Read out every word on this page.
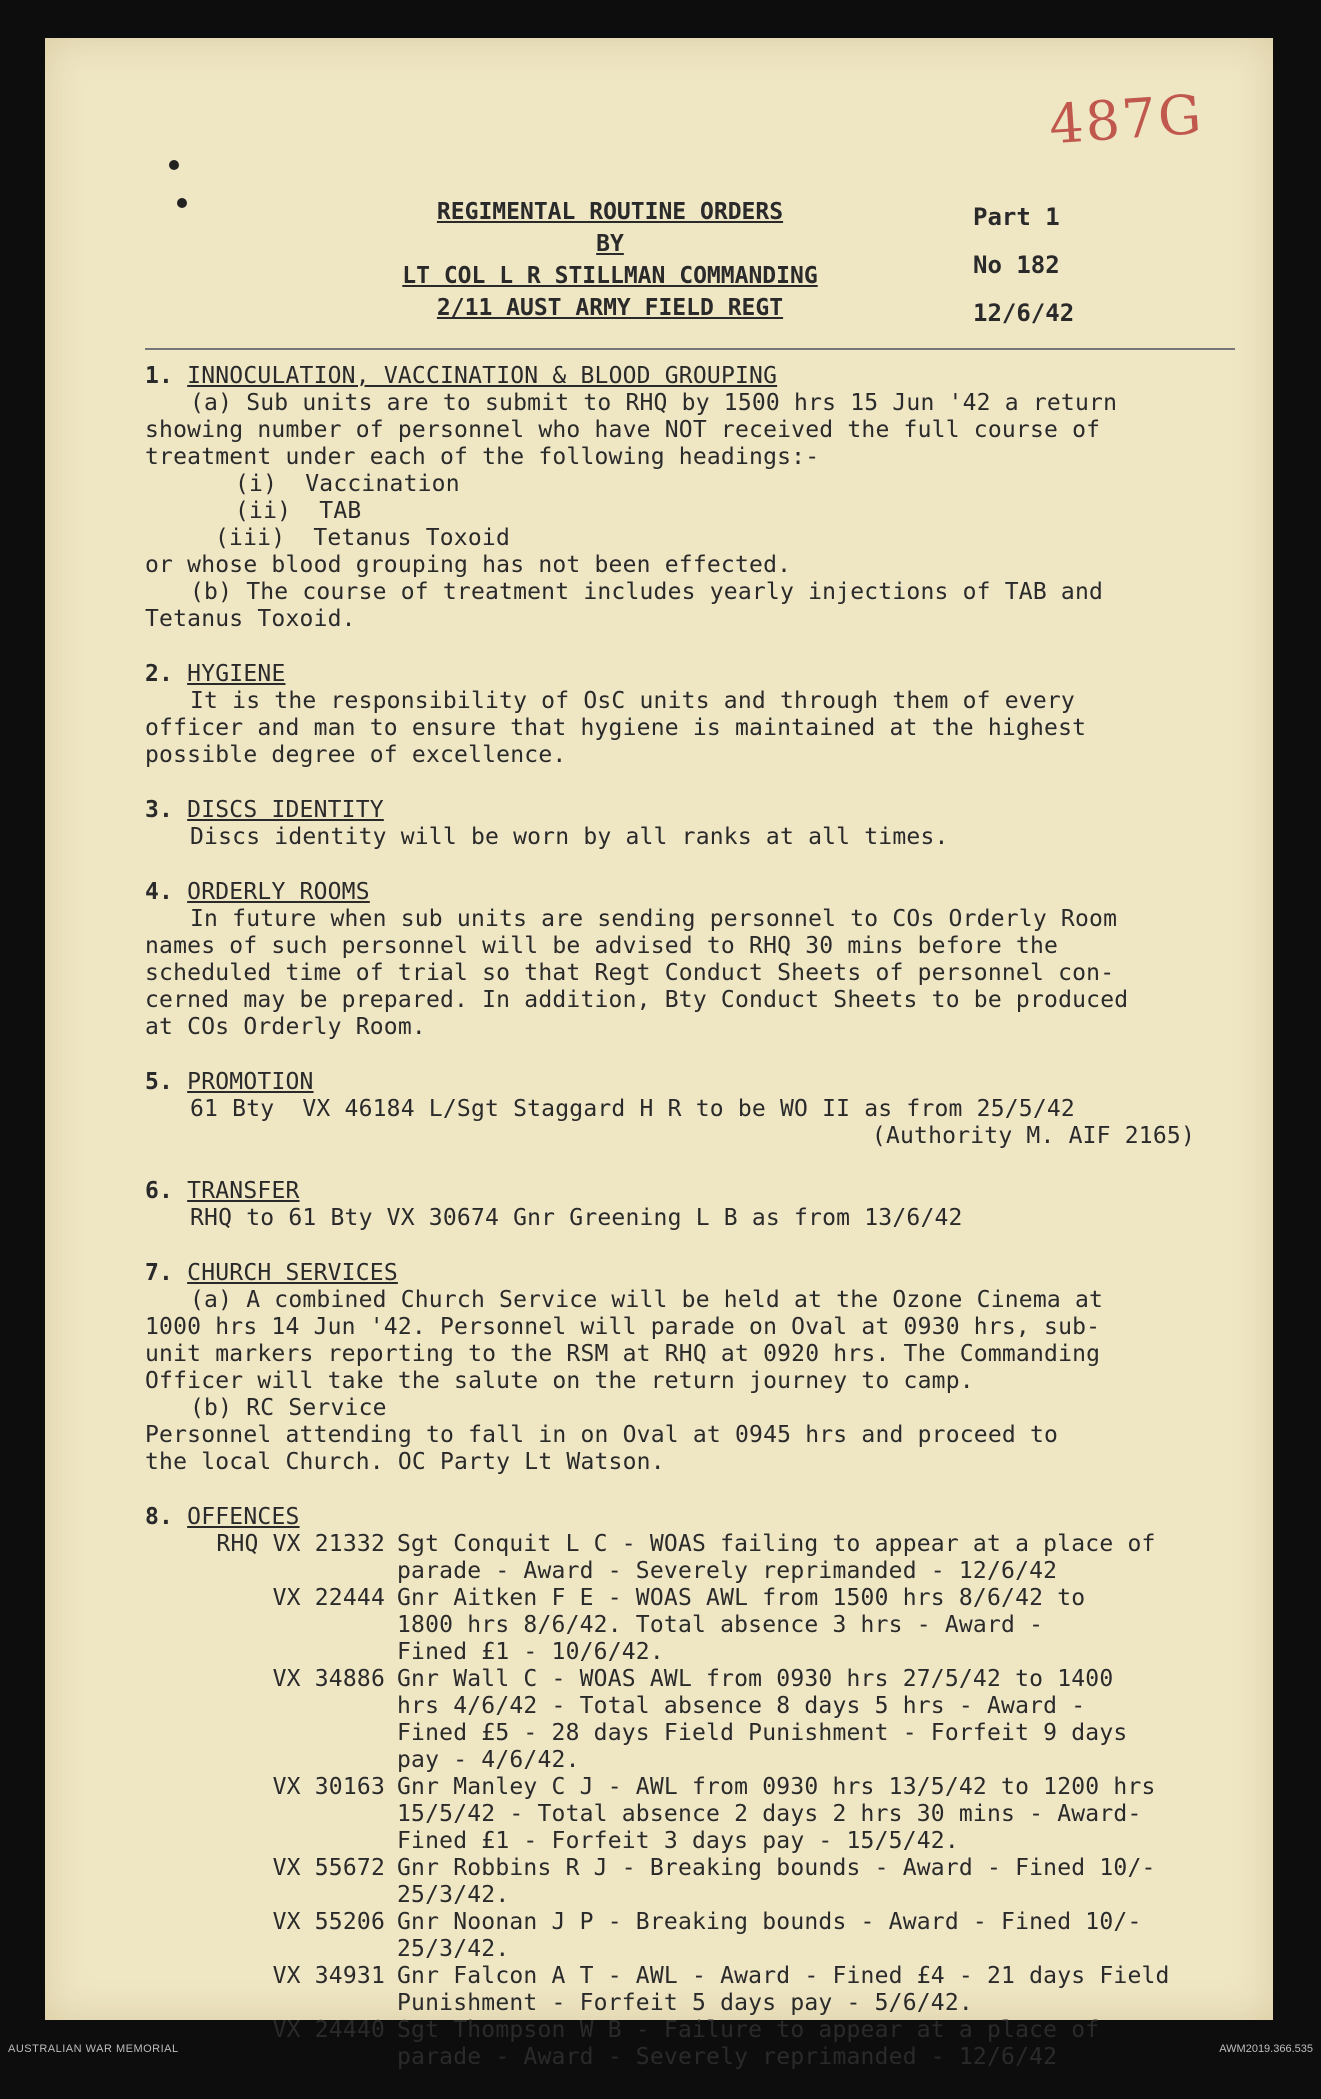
487G
REGIMENTAL ROUTINE ORDERS
BY
LT COL L R STILLMAN COMMANDING
2/11 AUST ARMY FIELD REGT
Part 1
No 182
12/6/42
1. INNOCULATION, VACCINATION & BLOOD GROUPING
(a) Sub units are to submit to RHQ by 1500 hrs 15 Jun '42 a return
showing number of personnel who have NOT received the full course of
treatment under each of the following headings:-
(i)  Vaccination
(ii)  TAB
(iii)  Tetanus Toxoid
or whose blood grouping has not been effected.
(b) The course of treatment includes yearly injections of TAB and
Tetanus Toxoid.
2. HYGIENE
It is the responsibility of OsC units and through them of every
officer and man to ensure that hygiene is maintained at the highest
possible degree of excellence.
3. DISCS IDENTITY
Discs identity will be worn by all ranks at all times.
4. ORDERLY ROOMS
In future when sub units are sending personnel to COs Orderly Room
names of such personnel will be advised to RHQ 30 mins before the
scheduled time of trial so that Regt Conduct Sheets of personnel con-
cerned may be prepared. In addition, Bty Conduct Sheets to be produced
at COs Orderly Room.
5. PROMOTION
61 Bty  VX 46184 L/Sgt Staggard H R to be WO II as from 25/5/42
(Authority M. AIF 2165)
6. TRANSFER
RHQ to 61 Bty VX 30674 Gnr Greening L B as from 13/6/42
7. CHURCH SERVICES
(a) A combined Church Service will be held at the Ozone Cinema at
1000 hrs 14 Jun '42. Personnel will parade on Oval at 0930 hrs, sub-
unit markers reporting to the RSM at RHQ at 0920 hrs. The Commanding
Officer will take the salute on the return journey to camp.
(b) RC Service
Personnel attending to fall in on Oval at 0945 hrs and proceed to
the local Church. OC Party Lt Watson.
8. OFFENCES
RHQ VX 21332 Sgt Conquit L C - WOAS failing to appear at a place of
parade - Award - Severely reprimanded - 12/6/42
VX 22444 Gnr Aitken F E - WOAS AWL from 1500 hrs 8/6/42 to
1800 hrs 8/6/42. Total absence 3 hrs - Award -
Fined £1 - 10/6/42.
VX 34886 Gnr Wall C - WOAS AWL from 0930 hrs 27/5/42 to 1400
hrs 4/6/42 - Total absence 8 days 5 hrs - Award -
Fined £5 - 28 days Field Punishment - Forfeit 9 days
pay - 4/6/42.
VX 30163 Gnr Manley C J - AWL from 0930 hrs 13/5/42 to 1200 hrs
15/5/42 - Total absence 2 days 2 hrs 30 mins - Award-
Fined £1 - Forfeit 3 days pay - 15/5/42.
VX 55672 Gnr Robbins R J - Breaking bounds - Award - Fined 10/-
25/3/42.
VX 55206 Gnr Noonan J P - Breaking bounds - Award - Fined 10/-
25/3/42.
VX 34931 Gnr Falcon A T - AWL - Award - Fined £4 - 21 days Field
Punishment - Forfeit 5 days pay - 5/6/42.
VX 24440 Sgt Thompson W B - Failure to appear at a place of
parade - Award - Severely reprimanded - 12/6/42
AUSTRALIAN WAR MEMORIAL	AWM2019.366.535
